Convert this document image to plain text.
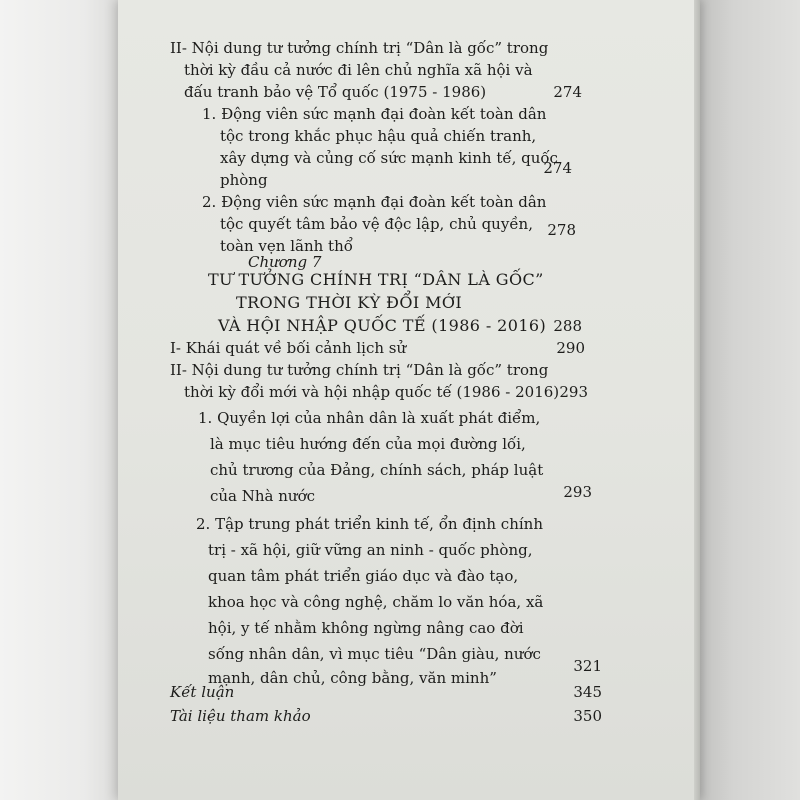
II- Nội dung tư tưởng chính trị “Dân là gốc” trong
thời kỳ đầu cả nước đi lên chủ nghĩa xã hội và
đấu tranh bảo vệ Tổ quốc (1975 - 1986)	274
1. Động viên sức mạnh đại đoàn kết toàn dân
tộc trong khắc phục hậu quả chiến tranh,
xây dựng và củng cố sức mạnh kinh tế, quốc
phòng
274
2. Động viên sức mạnh đại đoàn kết toàn dân
tộc quyết tâm bảo vệ độc lập, chủ quyền,
toàn vẹn lãnh thổ
278
Chương 7
TƯ TƯỞNG CHÍNH TRỊ “DÂN LÀ GỐC”
TRONG THỜI KỲ ĐỔI MỚI
VÀ HỘI NHẬP QUỐC TẾ (1986 - 2016) 288
I- Khái quát về bối cảnh lịch sử	290
II- Nội dung tư tưởng chính trị “Dân là gốc” trong
thời kỳ đổi mới và hội nhập quốc tế (1986 - 2016) 293
1. Quyền lợi của nhân dân là xuất phát điểm,
là mục tiêu hướng đến của mọi đường lối,
chủ trương của Đảng, chính sách, pháp luật
của Nhà nước	293
2. Tập trung phát triển kinh tế, ổn định chính
trị - xã hội, giữ vững an ninh - quốc phòng,
quan tâm phát triển giáo dục và đào tạo,
khoa học và công nghệ, chăm lo văn hóa, xã
hội, y tế nhằm không ngừng nâng cao đời
sống nhân dân, vì mục tiêu “Dân giàu, nước
mạnh, dân chủ, công bằng, văn minh”
321
Kết luận	345
Tài liệu tham khảo	350
